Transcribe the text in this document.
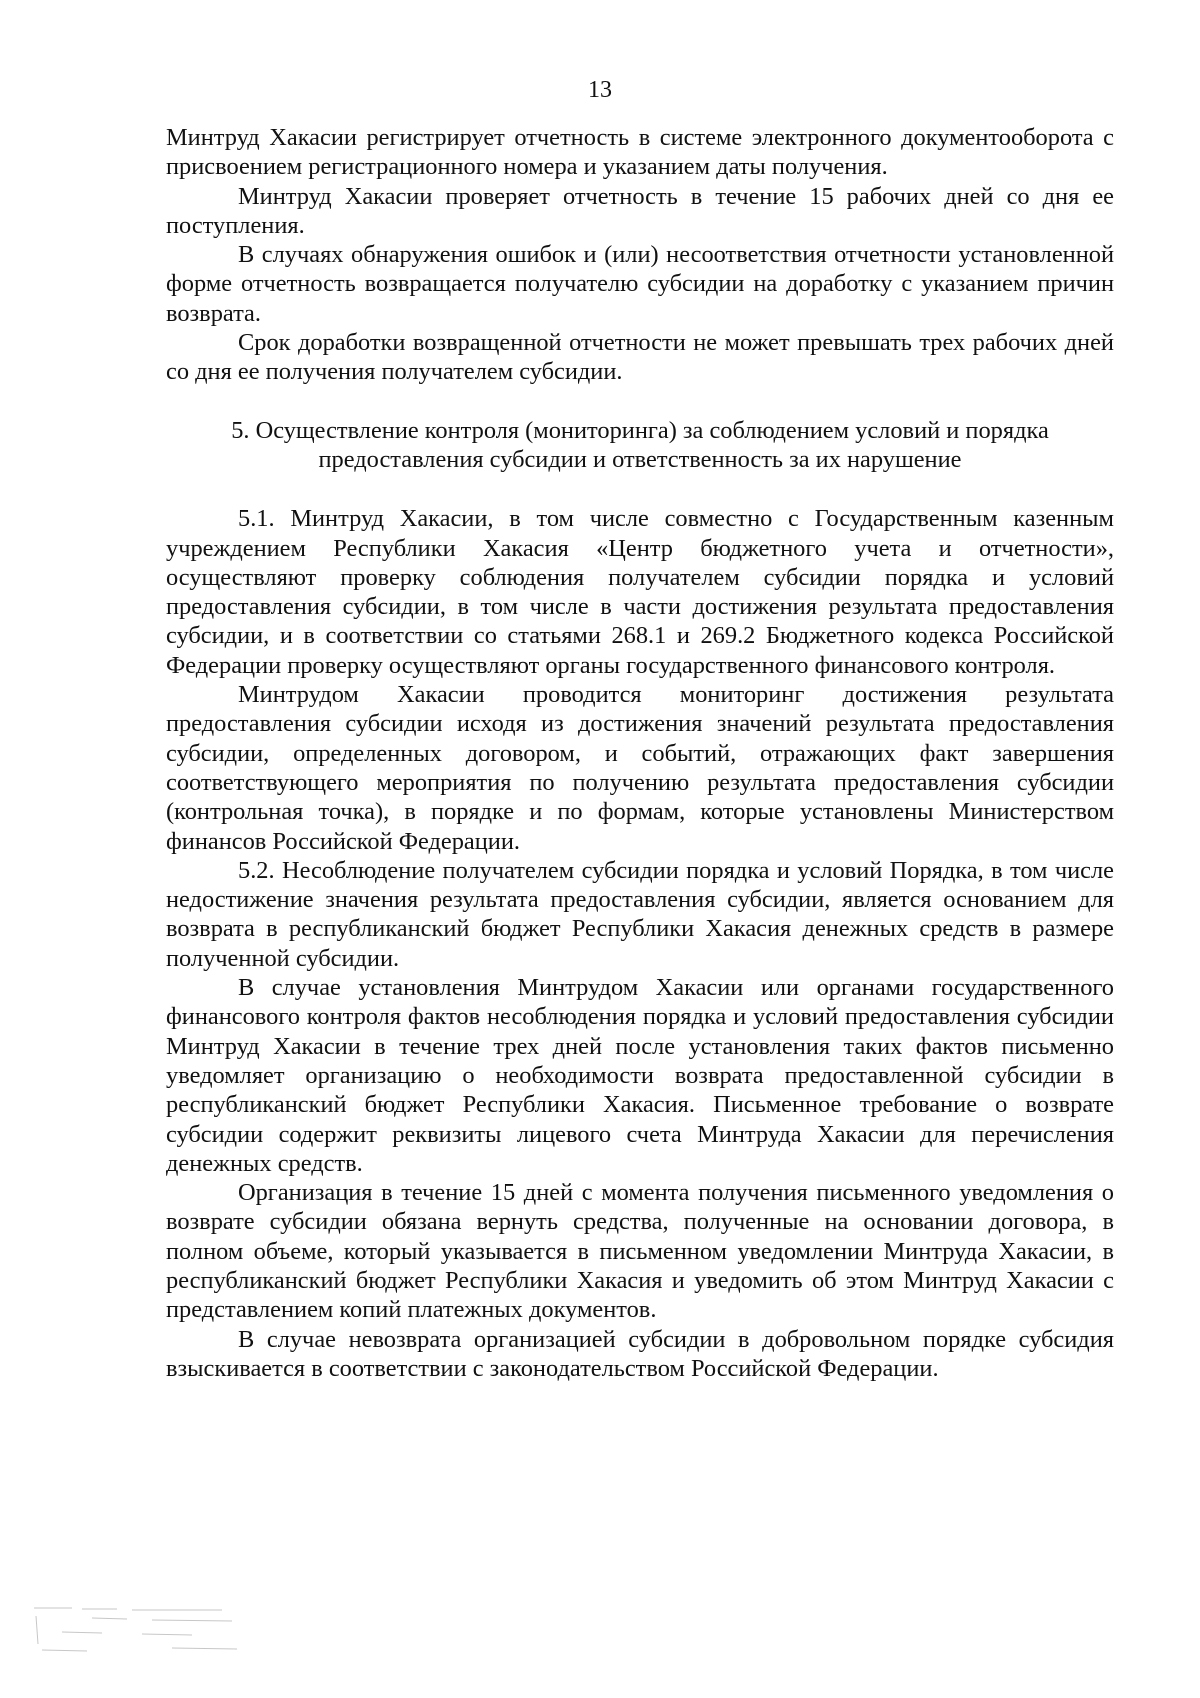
13

Минтруд Хакасии регистрирует отчетность в системе электронного документооборота с присвоением регистрационного номера и указанием даты получения.

Минтруд Хакасии проверяет отчетность в течение 15 рабочих дней со дня ее поступления.

В случаях обнаружения ошибок и (или) несоответствия отчетности установленной форме отчетность возвращается получателю субсидии на доработку с указанием причин возврата.

Срок доработки возвращенной отчетности не может превышать трех рабочих дней со дня ее получения получателем субсидии.

5. Осуществление контроля (мониторинга) за соблюдением условий и порядка
предоставления субсидии и ответственность за их нарушение

5.1. Минтруд Хакасии, в том числе совместно с Государственным казенным учреждением Республики Хакасия «Центр бюджетного учета и отчетности», осуществляют проверку соблюдения получателем субсидии порядка и условий предоставления субсидии, в том числе в части достижения результата предоставления субсидии, и в соответствии со статьями 268.1 и 269.2 Бюджетного кодекса Российской Федерации проверку осуществляют органы государственного финансового контроля.

Минтрудом Хакасии проводится мониторинг достижения результата предоставления субсидии исходя из достижения значений результата предоставления субсидии, определенных договором, и событий, отражающих факт завершения соответствующего мероприятия по получению результата предоставления субсидии (контрольная точка), в порядке и по формам, которые установлены Министерством финансов Российской Федерации.

5.2. Несоблюдение получателем субсидии порядка и условий Порядка, в том числе недостижение значения результата предоставления субсидии, является основанием для возврата в республиканский бюджет Республики Хакасия денежных средств в размере полученной субсидии.

В случае установления Минтрудом Хакасии или органами государственного финансового контроля фактов несоблюдения порядка и условий предоставления субсидии Минтруд Хакасии в течение трех дней после установления таких фактов письменно уведомляет организацию о необходимости возврата предоставленной субсидии в республиканский бюджет Республики Хакасия. Письменное требование о возврате субсидии содержит реквизиты лицевого счета Минтруда Хакасии для перечисления денежных средств.

Организация в течение 15 дней с момента получения письменного уведомления о возврате субсидии обязана вернуть средства, полученные на основании договора, в полном объеме, который указывается в письменном уведомлении Минтруда Хакасии, в республиканский бюджет Республики Хакасия и уведомить об этом Минтруд Хакасии с представлением копий платежных документов.

В случае невозврата организацией субсидии в добровольном порядке субсидия взыскивается в соответствии с законодательством Российской Федерации.
